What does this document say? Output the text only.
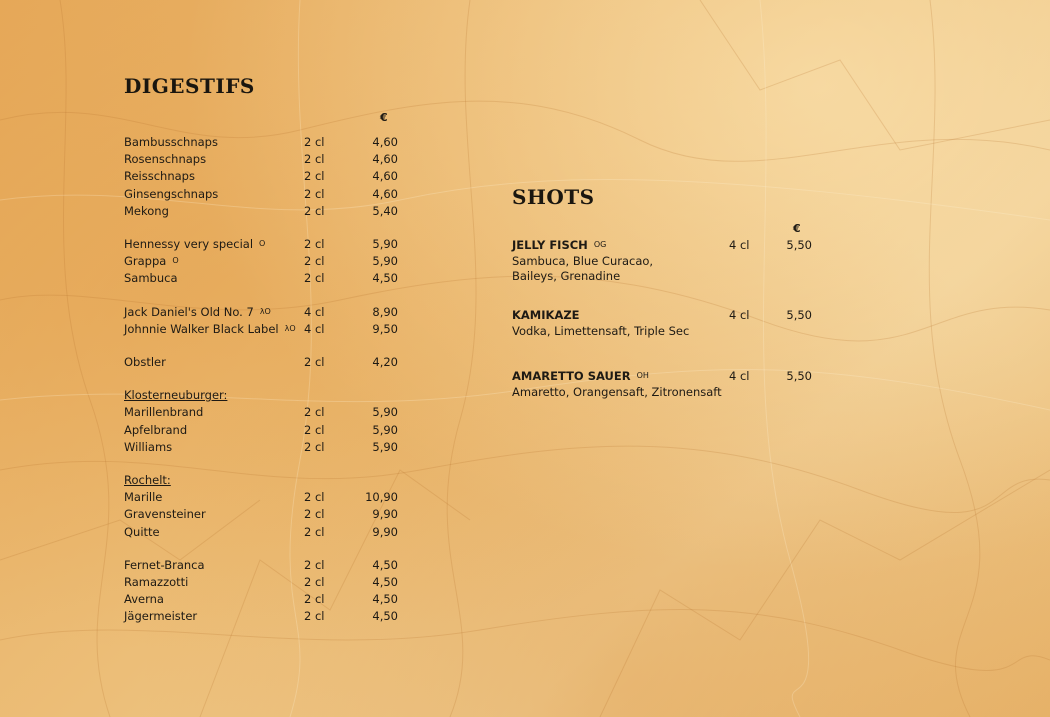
DIGESTIFS
€
Bambusschnaps	2 cl	4,60
Rosenschnaps	2 cl	4,60
Reisschnaps	2 cl	4,60
Ginsengschnaps	2 cl	4,60
Mekong	2 cl	5,40
Hennessy very special $^O$	2 cl	5,90
Grappa $^O$	2 cl	5,90
Sambuca	2 cl	4,50
Jack Daniel's Old No. 7 $^{\lambda O}$	4 cl	8,90
Johnnie Walker Black Label $^{\lambda O}$ 4 cl	9,50
Obstler	2 cl	4,20
Klosterneuburger:
Marillenbrand	2 cl	5,90
Apfelbrand	2 cl	5,90
Williams	2 cl	5,90
Rochelt:
Marille	2 cl	10,90
Gravensteiner	2 cl	9,90
Quitte	2 cl	9,90
Fernet-Branca	2 cl	4,50
Ramazzotti	2 cl	4,50
Averna	2 cl	4,50
Jägermeister	2 cl	4,50
SHOTS
€
JELLY FISCH OG	4 cl	5,50
Sambuca, Blue Curacao,
Baileys, Grenadine
KAMIKAZE	4 cl	5,50
Vodka, Limettensaft, Triple Sec
AMARETTO SAUER OH	4 cl	5,50
Amaretto, Orangensaft, Zitronensaft
